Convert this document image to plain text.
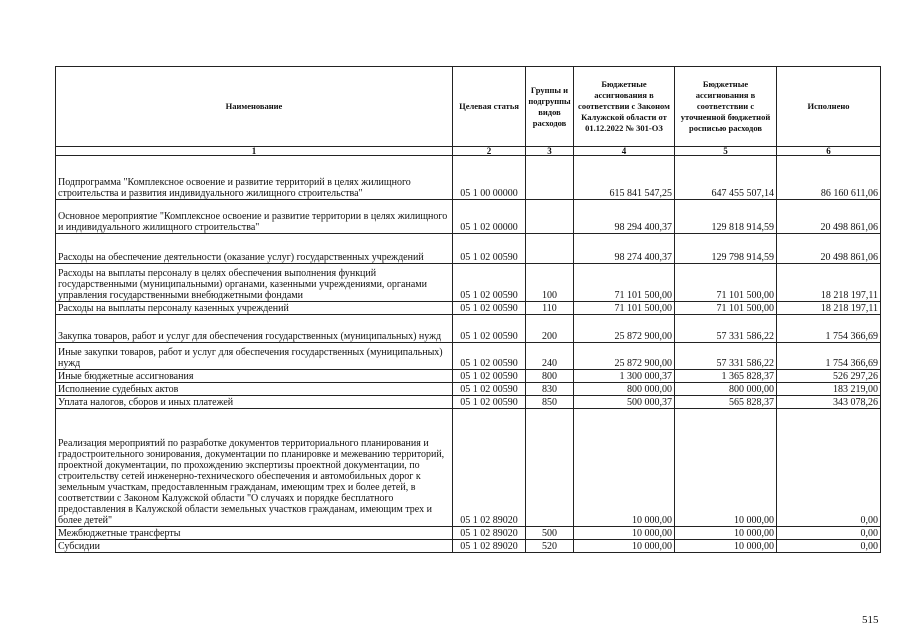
Наименование	Целевая статья	Группы и подгруппы видов расходов	Бюджетные ассигнования в соответствии с Законом Калужской области от 01.12.2022 № 301-ОЗ	Бюджетные ассигнования в соответствии с уточненной бюджетной росписью расходов	Исполнено
1	2	3	4	5	6
Подпрограмма "Комплексное освоение и развитие территорий в целях жилищного строительства и развития индивидуального жилищного строительства"	05 1 00 00000		615 841 547,25	647 455 507,14	86 160 611,06
Основное мероприятие "Комплексное освоение и развитие территории в целях жилищного и индивидуального жилищного строительства"	05 1 02 00000		98 294 400,37	129 818 914,59	20 498 861,06
Расходы на обеспечение деятельности (оказание услуг) государственных учреждений	05 1 02 00590		98 274 400,37	129 798 914,59	20 498 861,06
Расходы на выплаты персоналу в целях обеспечения выполнения функций государственными (муниципальными) органами, казенными учреждениями, органами управления государственными внебюджетными фондами	05 1 02 00590	100	71 101 500,00	71 101 500,00	18 218 197,11
Расходы на выплаты персоналу казенных учреждений	05 1 02 00590	110	71 101 500,00	71 101 500,00	18 218 197,11
Закупка товаров, работ и услуг для обеспечения государственных (муниципальных) нужд	05 1 02 00590	200	25 872 900,00	57 331 586,22	1 754 366,69
Иные закупки товаров, работ и услуг для обеспечения государственных (муниципальных) нужд	05 1 02 00590	240	25 872 900,00	57 331 586,22	1 754 366,69
Иные бюджетные ассигнования	05 1 02 00590	800	1 300 000,37	1 365 828,37	526 297,26
Исполнение судебных актов	05 1 02 00590	830	800 000,00	800 000,00	183 219,00
Уплата налогов, сборов и иных платежей	05 1 02 00590	850	500 000,37	565 828,37	343 078,26
Реализация мероприятий по разработке документов территориального планирования и градостроительного зонирования, документации по планировке и межеванию территорий, проектной документации, по прохождению экспертизы проектной документации, по строительству сетей инженерно-технического обеспечения и автомобильных дорог к земельным участкам, предоставленным гражданам, имеющим трех и более детей, в соответствии с Законом Калужской области "О случаях и порядке бесплатного предоставления в Калужской области земельных участков гражданам, имеющим трех и более детей"	05 1 02 89020		10 000,00	10 000,00	0,00
Межбюджетные трансферты	05 1 02 89020	500	10 000,00	10 000,00	0,00
Субсидии	05 1 02 89020	520	10 000,00	10 000,00	0,00
515
